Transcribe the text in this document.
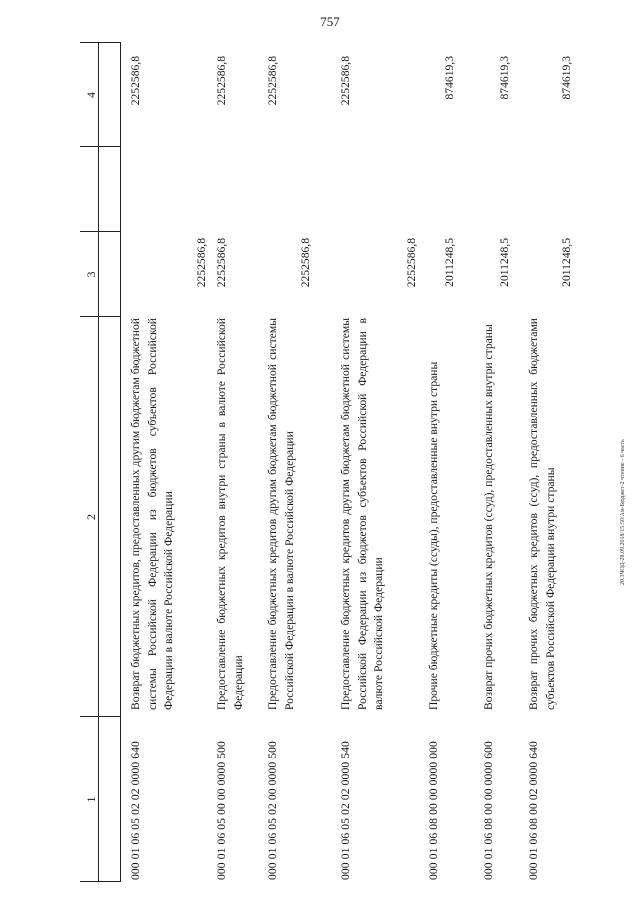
757
20.3ЧОД-28.09.2018/15:50/Ам-Бюджет-2 чтение - 6 часть
1
2
3
4
000 01 06 05 02 02 0000 640
Возврат бюджетных кредитов, предоставленных другим бюджетам бюджетной системы Российской Федерации из бюджетов субъектов Российской Федерации в валюте Российской Федерации
2252586,8
2252586,8
000 01 06 05 00 00 0000 500
Предоставление бюджетных кредитов внутри страны в валюте Российской Федерации
2252586,8
2252586,8
000 01 06 05 02 00 0000 500
Предоставление бюджетных кредитов другим бюджетам бюджетной системы Российской Федерации в валюте Российской Федерации
2252586,8
2252586,8
000 01 06 05 02 02 0000 540
Предоставление бюджетных кредитов другим бюджетам бюджетной системы Российской Федерации из бюджетов субъектов Российской Федерации в валюте Российской Федерации
2252586,8
2252586,8
000 01 06 08 00 00 0000 000
Прочие бюджетные кредиты (ссуды), предоставленные внутри страны
2011248,5
874619,3
000 01 06 08 00 00 0000 600
Возврат прочих бюджетных кредитов (ссуд), предоставленных внутри страны
2011248,5
874619,3
000 01 06 08 00 02 0000 640
Возврат прочих бюджетных кредитов (ссуд), предоставленных бюджетами субъектов Российской Федерации внутри страны
2011248,5
874619,3
